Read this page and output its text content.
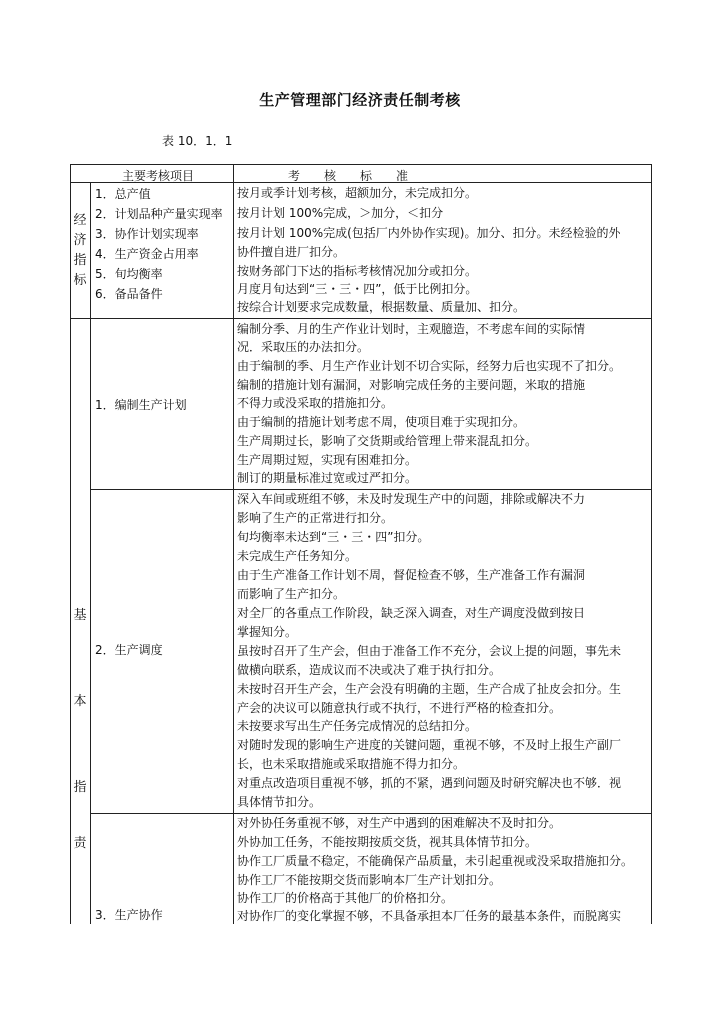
生产管理部门经济责任制考核
表 10．1．1
主要考核项目	考　　核　　标　　准
经
济
指
标
1．总产值
2．计划品种产量实现率
3．协作计划实现率
4．生产资金占用率
5．旬均衡率
6．备品备件
按月或季计划考核，超额加分，未完成扣分。
按月计划 100%完成，＞加分，＜扣分
按月计划 100%完成(包括厂内外协作实现)。加分、扣分。未经检验的外
协件擅自进厂扣分。
按财务部门下达的指标考核情况加分或扣分。
月度月旬达到“三・三・四”，低于比例扣分。
按综合计划要求完成数量，根据数量、质量加、扣分。
基
本
指
责
1．编制生产计划
编制分季、月的生产作业计划时，主观臆造，不考虑车间的实际情
况．采取压的办法扣分。
由于编制的季、月生产作业计划不切合实际，经努力后也实现不了扣分。
编制的措施计划有漏洞，对影响完成任务的主要问题，米取的措施
不得力或没采取的措施扣分。
由于编制的措施计划考虑不周，使项目难于实现扣分。
生产周期过长，影响了交货期或给管理上带来混乱扣分。
生产周期过短，实现有困难扣分。
制订的期量标准过宽或过严扣分。
2．生产调度
深入车间或班组不够，未及时发现生产中的问题，排除或解决不力
影响了生产的正常进行扣分。
旬均衡率未达到“三・三・四”扣分。
未完成生产任务知分。
由于生产准备工作计划不周，督促检查不够，生产准备工作有漏洞
而影响了生产扣分。
对全厂的各重点工作阶段，缺乏深入调查，对生产调度没做到按日
掌握知分。
虽按时召开了生产会，但由于准备工作不充分，会议上提的问题，事先未
做横向联系，造成议而不决或决了难于执行扣分。
未按时召开生产会，生产会没有明确的主题，生产合成了扯皮会扣分。生
产会的决议可以随意执行或不执行，不进行严格的检查扣分。
未按要求写出生产任务完成情况的总结扣分。
对随时发现的影响生产进度的关键问题，重视不够，不及时上报生产副厂
长，也未采取措施或采取措施不得力扣分。
对重点改造项目重视不够，抓的不紧，遇到问题及时研究解决也不够．视
具体情节扣分。
3．生产协作
对外协任务重视不够，对生产中遇到的困难解决不及时扣分。
外协加工任务，不能按期按质交货，视其具体情节扣分。
协作工厂质量不稳定，不能确保产品质量，未引起重视或没采取措施扣分。
协作工厂不能按期交货而影响本厂生产计划扣分。
协作工厂的价格高于其他厂的价格扣分。
对协作厂的变化掌握不够，不具备承担本厂任务的最基本条件，而脱离实
